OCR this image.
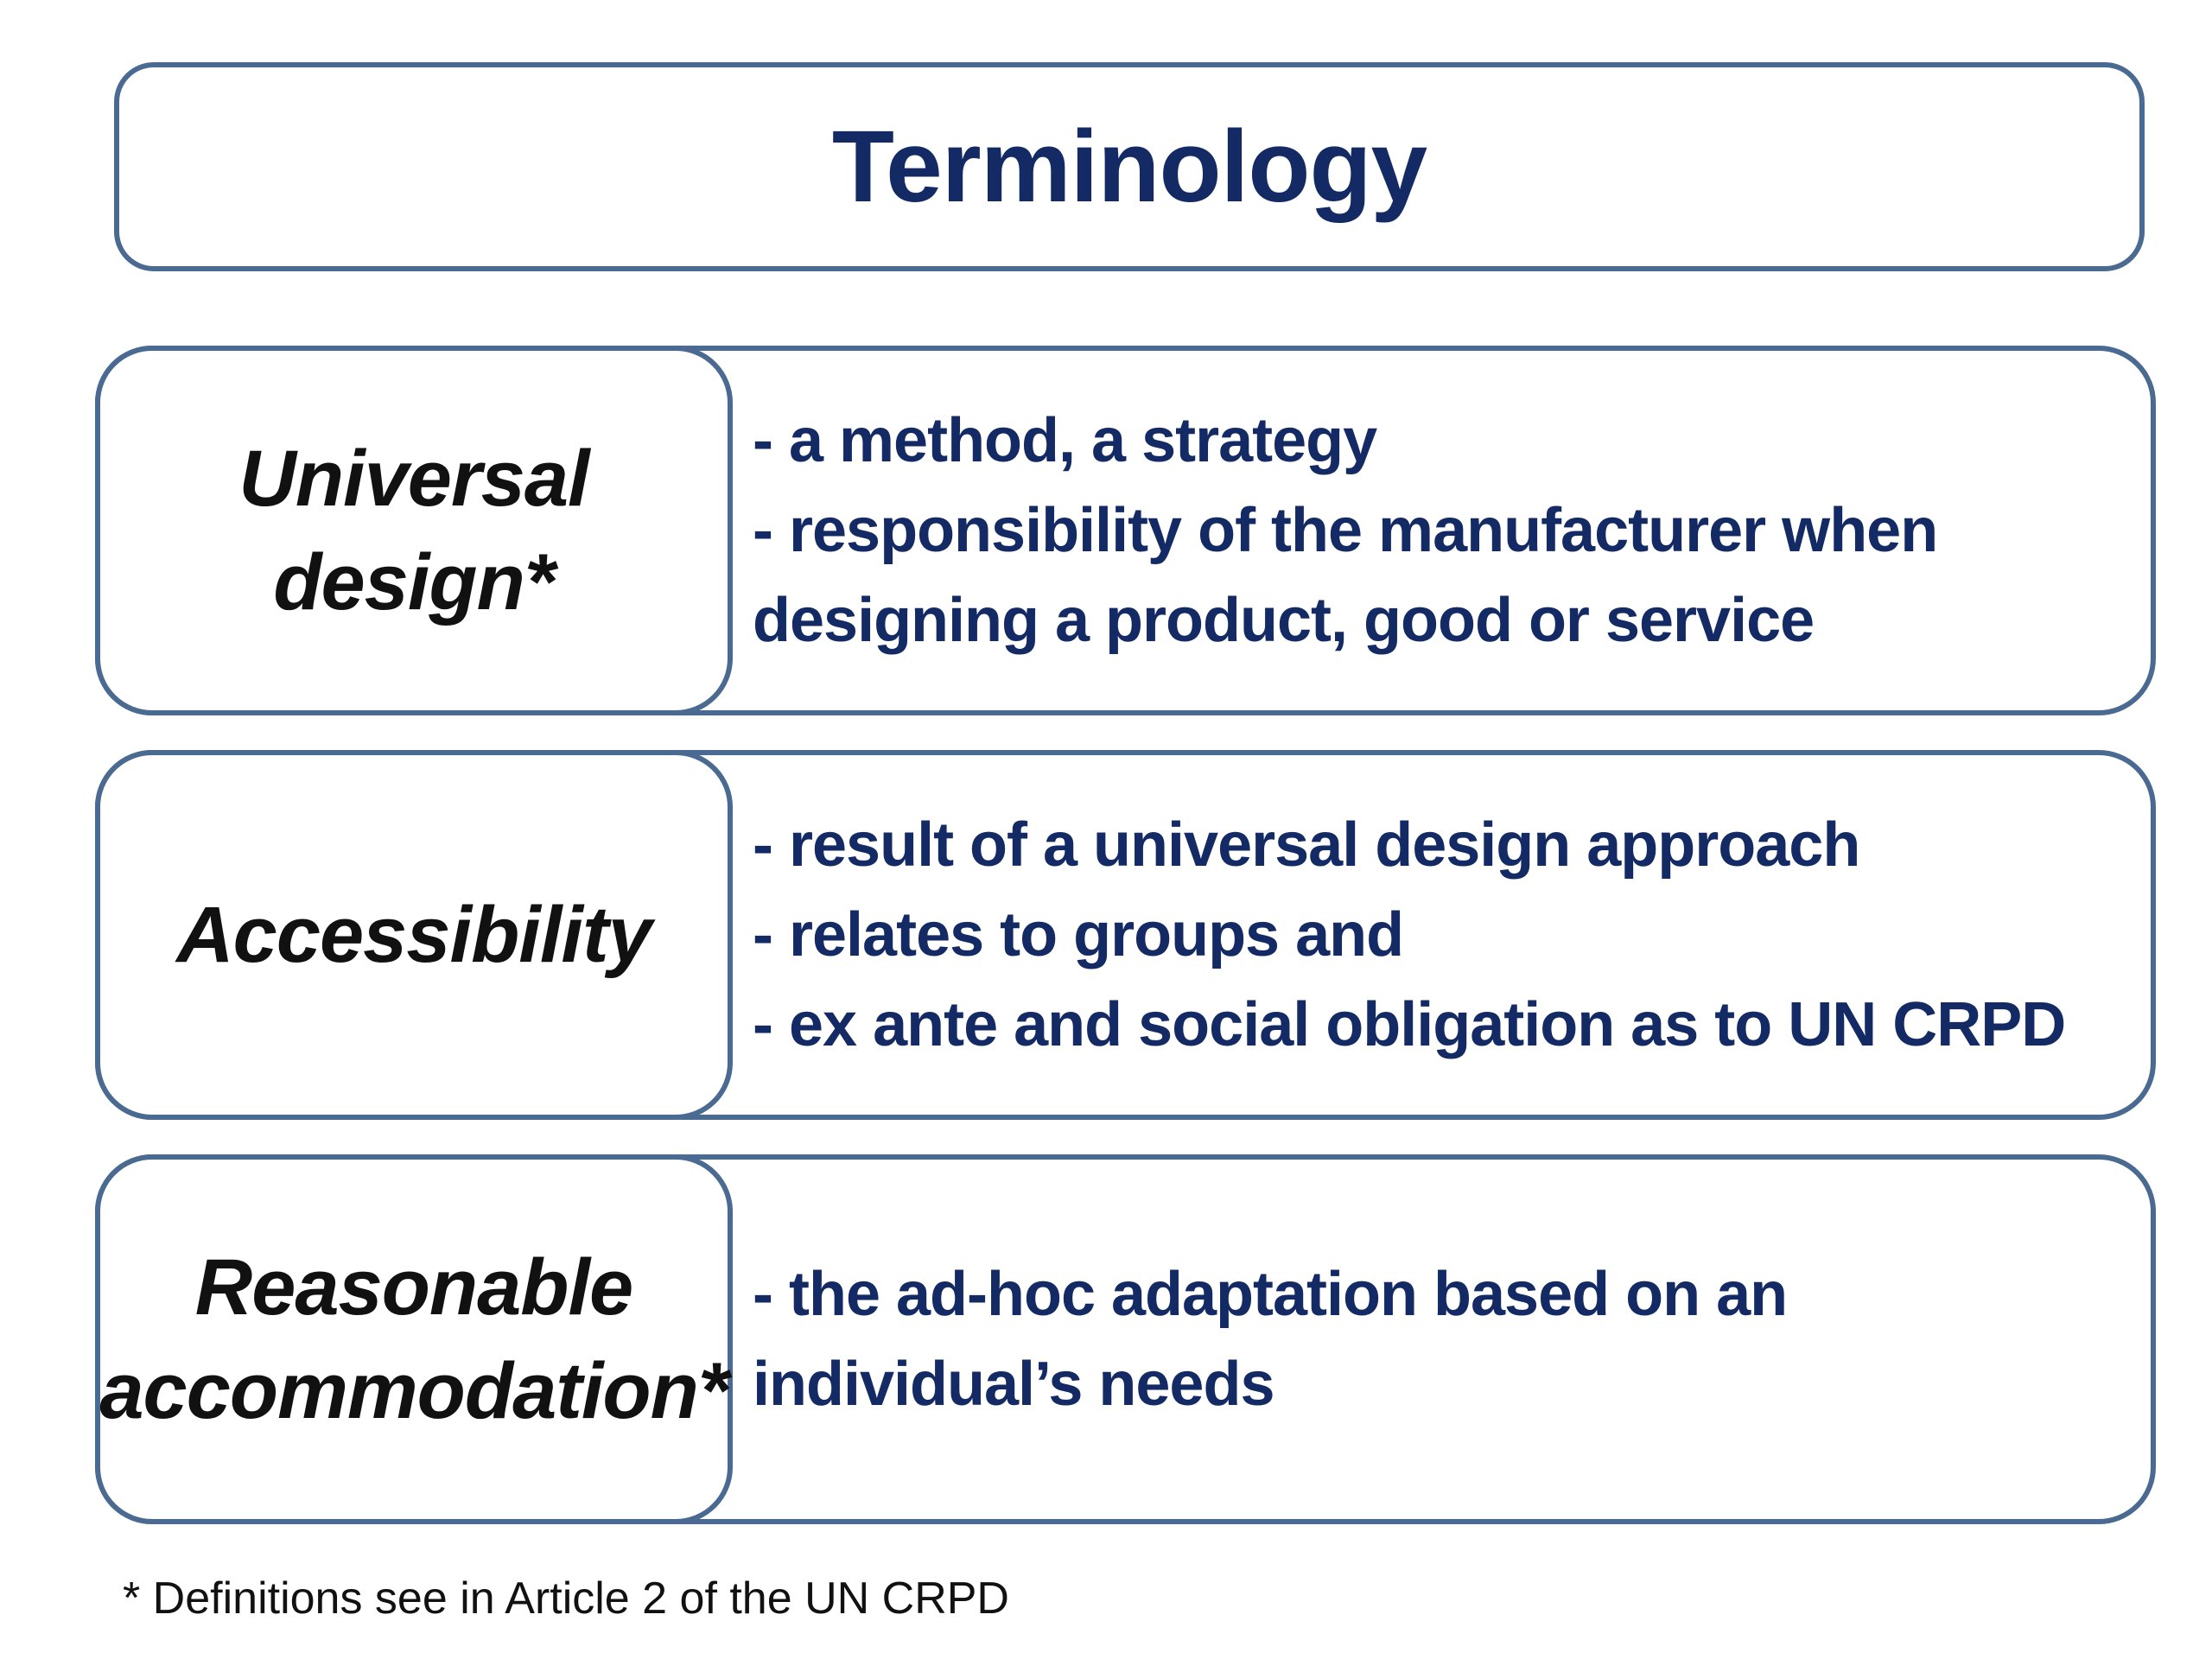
Terminology
Universal
design*
- a method, a strategy
- responsibility of the manufacturer when
designing a product, good or service
Accessibility
- result of a universal design approach
- relates to groups and
- ex ante and social obligation as to UN CRPD
Reasonable
accommodation*
- the ad-hoc adaptation based on an
individual’s needs
* Definitions see in Article 2 of the UN CRPD
